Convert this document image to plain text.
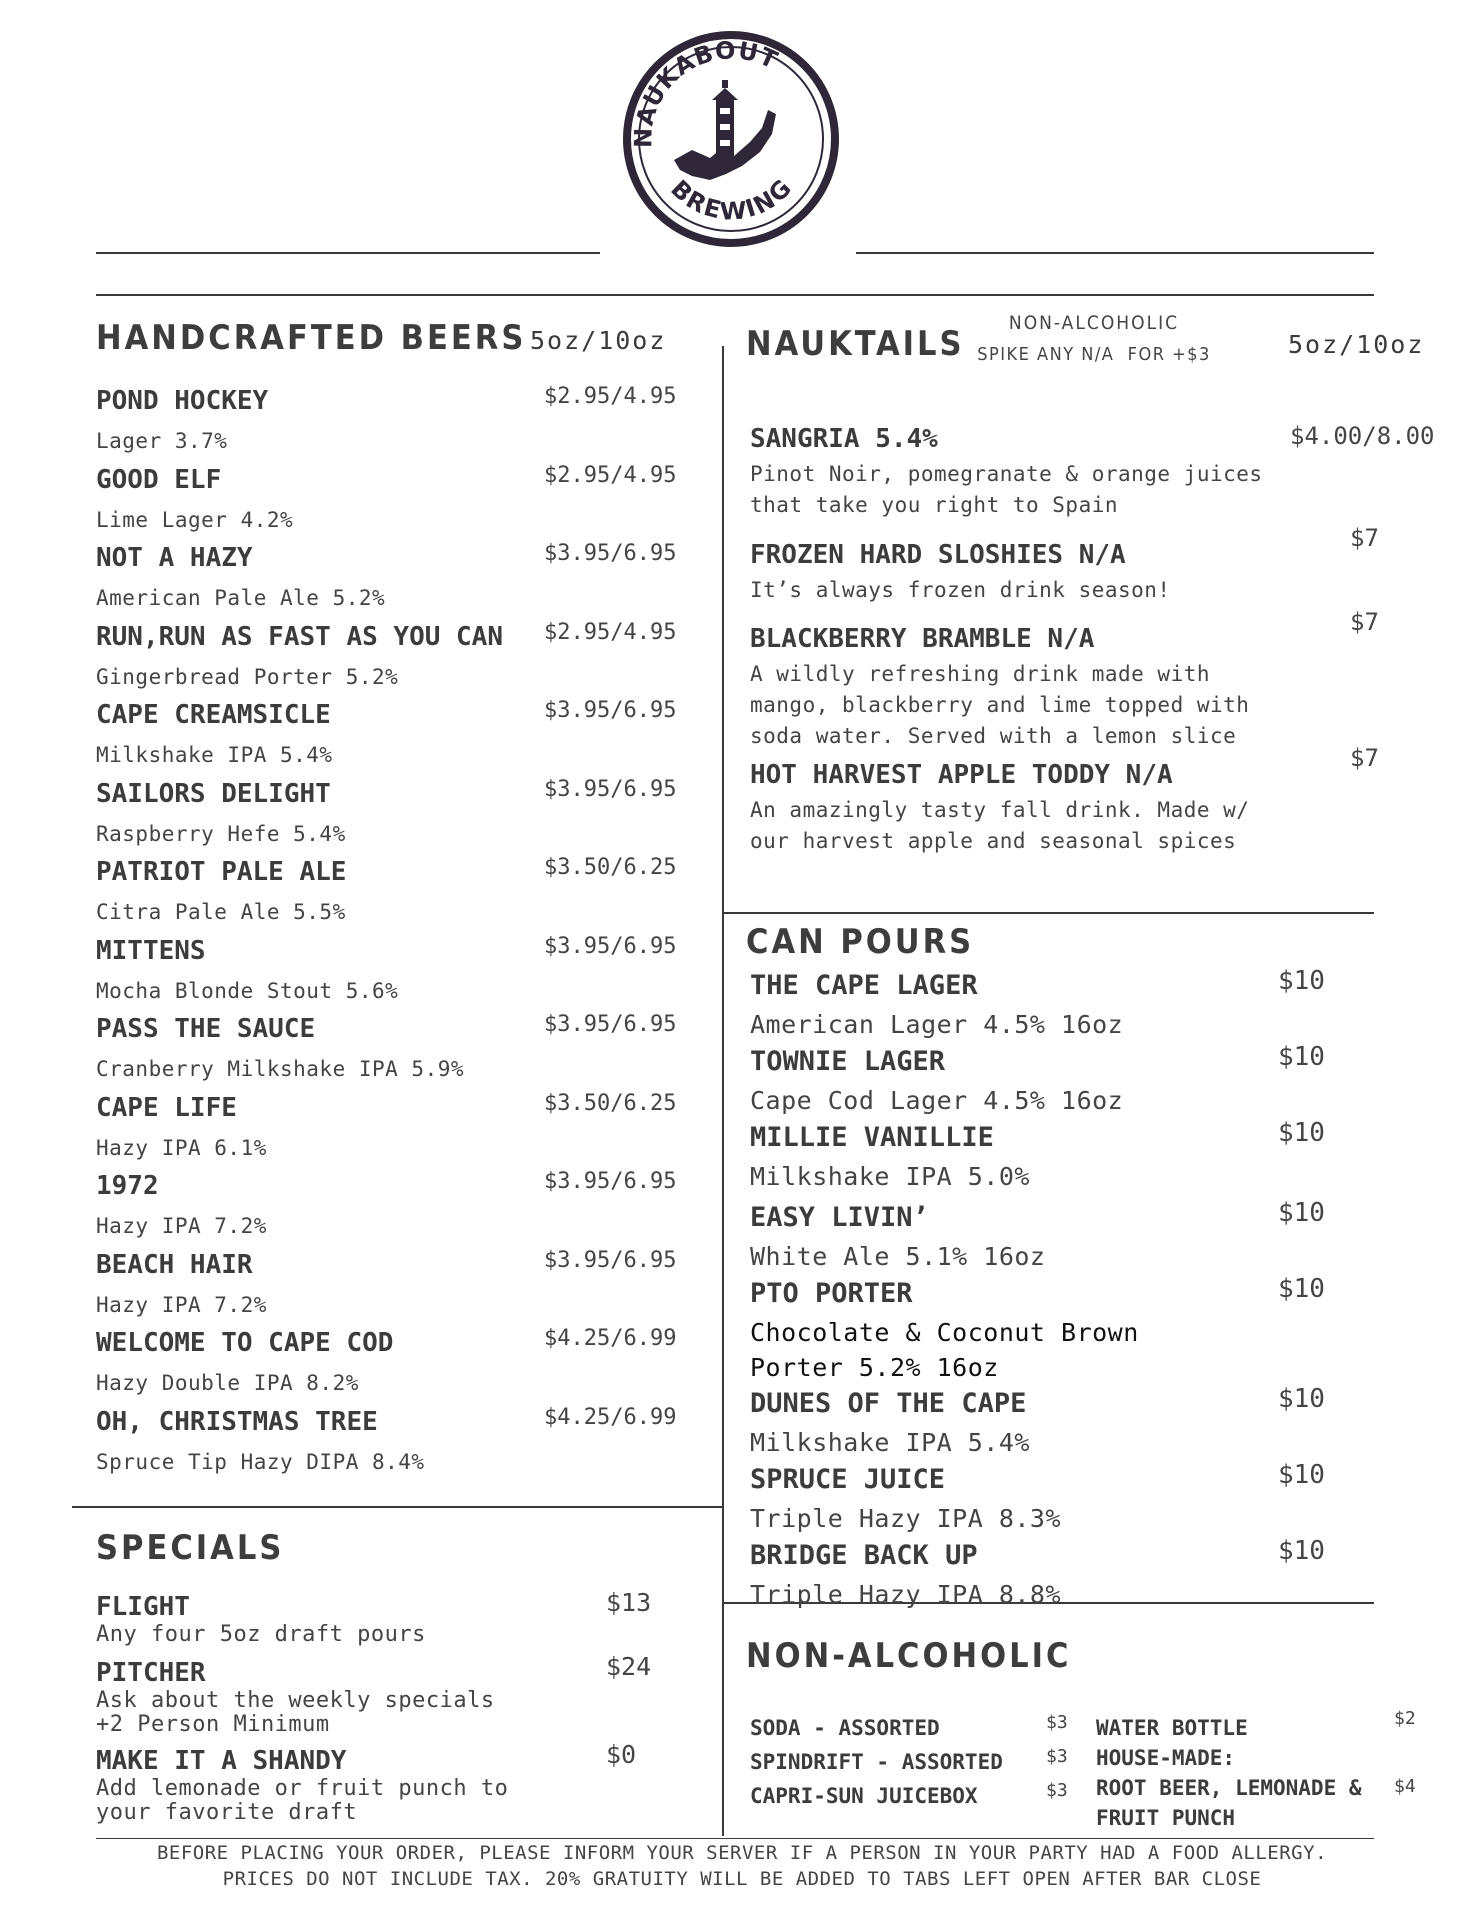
NAUKABOUT
BREWING
HANDCRAFTED BEERS 5oz/10oz
POND HOCKEY	$2.95/4.95
Lager 3.7%
GOOD ELF	$2.95/4.95
Lime Lager 4.2%
NOT A HAZY	$3.95/6.95
American Pale Ale 5.2%
RUN,RUN AS FAST AS YOU CAN $2.95/4.95
Gingerbread Porter 5.2%
CAPE CREAMSICLE	$3.95/6.95
Milkshake IPA 5.4%
SAILORS DELIGHT	$3.95/6.95
Raspberry Hefe 5.4%
PATRIOT PALE ALE	$3.50/6.25
Citra Pale Ale 5.5%
MITTENS	$3.95/6.95
Mocha Blonde Stout 5.6%
PASS THE SAUCE	$3.95/6.95
Cranberry Milkshake IPA 5.9%
CAPE LIFE	$3.50/6.25
Hazy IPA 6.1%
1972	$3.95/6.95
Hazy IPA 7.2%
BEACH HAIR	$3.95/6.95
Hazy IPA 7.2%
WELCOME TO CAPE COD	$4.25/6.99
Hazy Double IPA 8.2%
OH, CHRISTMAS TREE	$4.25/6.99
Spruce Tip Hazy DIPA 8.4%
NAUKTAILS
NON-ALCOHOLIC
SPIKE ANY N/A  FOR +$3	5oz/10oz
SANGRIA 5.4%	$4.00/8.00
Pinot Noir, pomegranate & orange juices
that take you right to Spain
FROZEN HARD SLOSHIES N/A
$7
It’s always frozen drink season!
BLACKBERRY BRAMBLE N/A
$7
A wildly refreshing drink made with
mango, blackberry and lime topped with
soda water. Served with a lemon slice
HOT HARVEST APPLE TODDY N/A
$7
An amazingly tasty fall drink. Made w/
our harvest apple and seasonal spices
CAN POURS
THE CAPE LAGER	$10
American Lager 4.5% 16oz
TOWNIE LAGER	$10
Cape Cod Lager 4.5% 16oz
MILLIE VANILLIE	$10
Milkshake IPA 5.0%
EASY LIVIN’	$10
White Ale 5.1% 16oz
PTO PORTER	$10
Chocolate & Coconut Brown
Porter 5.2% 16oz
DUNES OF THE CAPE	$10
Milkshake IPA 5.4%
SPRUCE JUICE	$10
Triple Hazy IPA 8.3%
BRIDGE BACK UP	$10
Triple Hazy IPA 8.8%
SPECIALS
FLIGHT	$13
Any four 5oz draft pours
PITCHER	$24
Ask about the weekly specials
+2 Person Minimum
MAKE IT A SHANDY	$0
Add lemonade or fruit punch to
your favorite draft
NON-ALCOHOLIC
SODA - ASSORTED	$3
SPINDRIFT - ASSORTED $3
CAPRI-SUN JUICEBOX	$3
WATER BOTTLE	$2
HOUSE-MADE:
ROOT BEER, LEMONADE & $4
FRUIT PUNCH
BEFORE PLACING YOUR ORDER, PLEASE INFORM YOUR SERVER IF A PERSON IN YOUR PARTY HAD A FOOD ALLERGY.
PRICES DO NOT INCLUDE TAX. 20% GRATUITY WILL BE ADDED TO TABS LEFT OPEN AFTER BAR CLOSE
